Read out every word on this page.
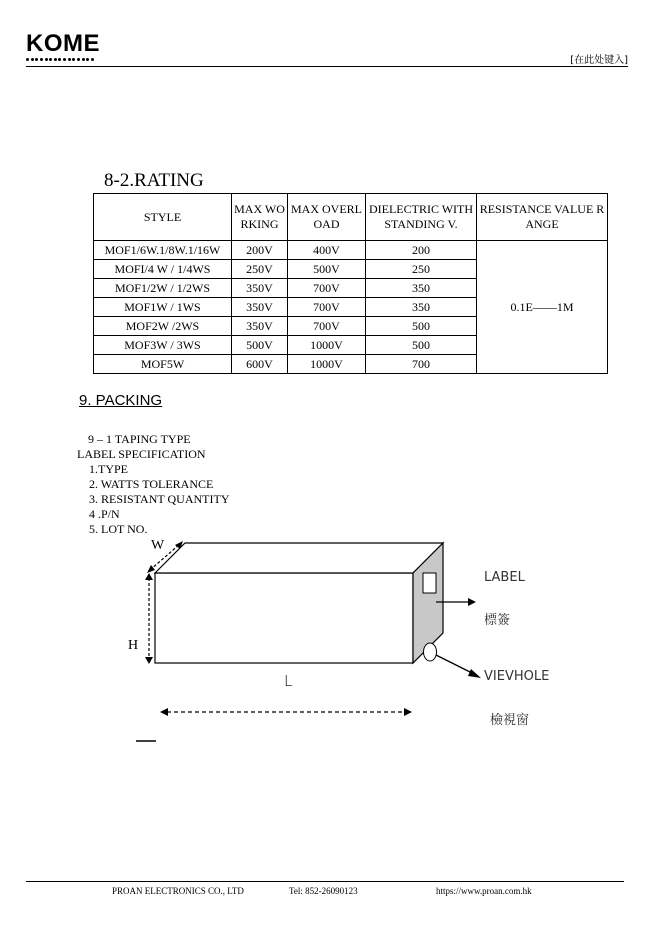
KOME
[在此处键入]
8-2.RATING
STYLE	MAX WORKING	MAX OVERLOAD	DIELECTRIC WITHSTANDING V.	RESISTANCE VALUE RANGE
MOF1/6W.1/8W.1/16W	200V	400V	200	0.1E——1M
MOFI/4 W / 1/4WS	250V	500V	250	
MOF1/2W / 1/2WS	350V	700V	350	
MOF1W / 1WS	350V	700V	350	
MOF2W /2WS	350V	700V	500	
MOF3W / 3WS	500V	1000V	500	
MOF5W	600V	1000V	700	
9. PACKING
9 – 1 TAPING TYPE
LABEL SPECIFICATION
1.TYPE
2. WATTS TOLERANCE
3. RESISTANT QUANTITY
4 .P/N
5. LOT NO.
W
H
L
LABEL
標簽
VIEVHOLE
檢視窗
PROAN ELECTRONICS CO., LTD	Tel: 852-26090123	https://www.proan.com.hk
